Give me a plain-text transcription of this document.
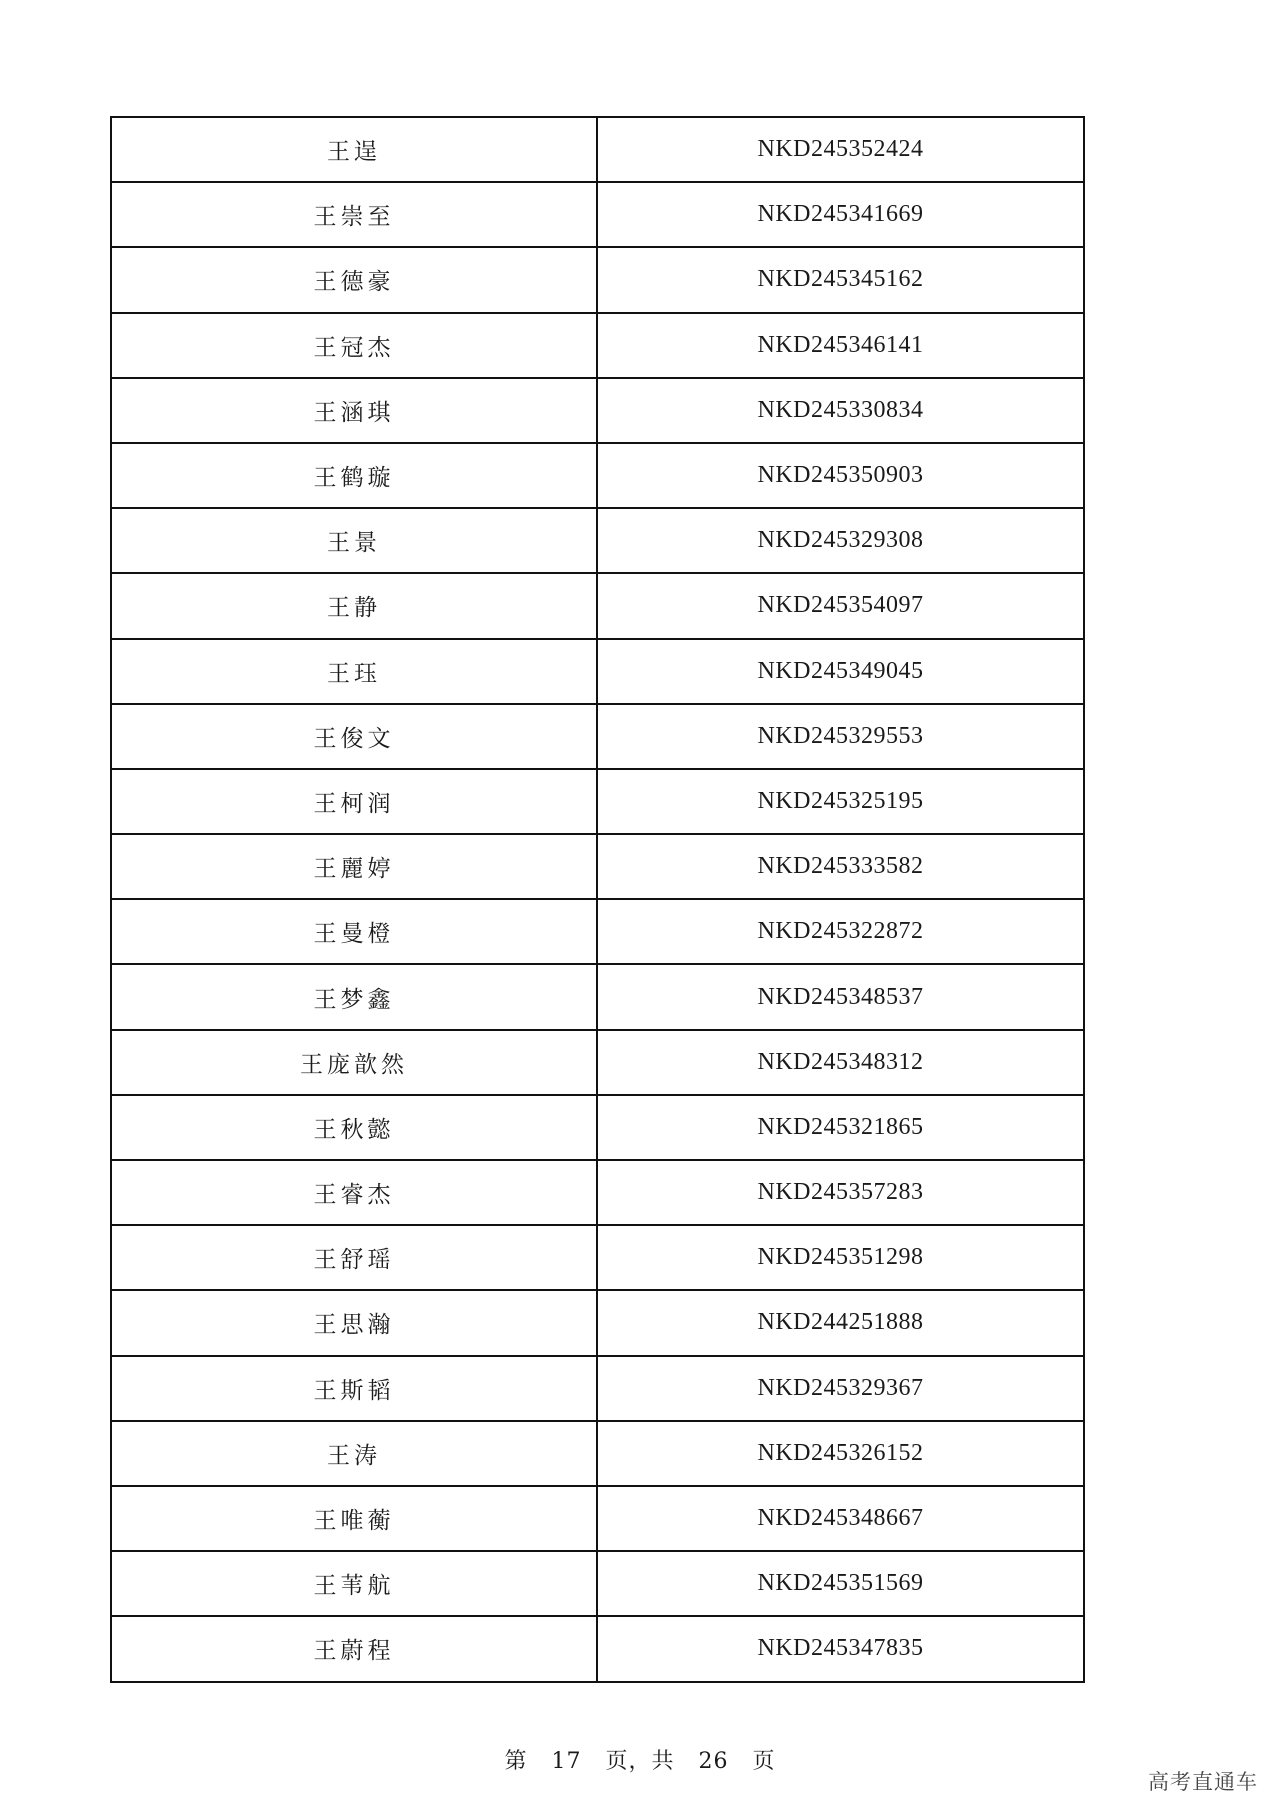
王逞	NKD245352424
王崇至	NKD245341669
王德豪	NKD245345162
王冠杰	NKD245346141
王涵琪	NKD245330834
王鹤璇	NKD245350903
王景	NKD245329308
王静	NKD245354097
王珏	NKD245349045
王俊文	NKD245329553
王柯润	NKD245325195
王麗婷	NKD245333582
王曼橙	NKD245322872
王梦鑫	NKD245348537
王庞歆然	NKD245348312
王秋懿	NKD245321865
王睿杰	NKD245357283
王舒瑶	NKD245351298
王思瀚	NKD244251888
王斯韬	NKD245329367
王涛	NKD245326152
王唯蘅	NKD245348667
王苇航	NKD245351569
王蔚程	NKD245347835
第 17 页，共 26 页
高考直通车
